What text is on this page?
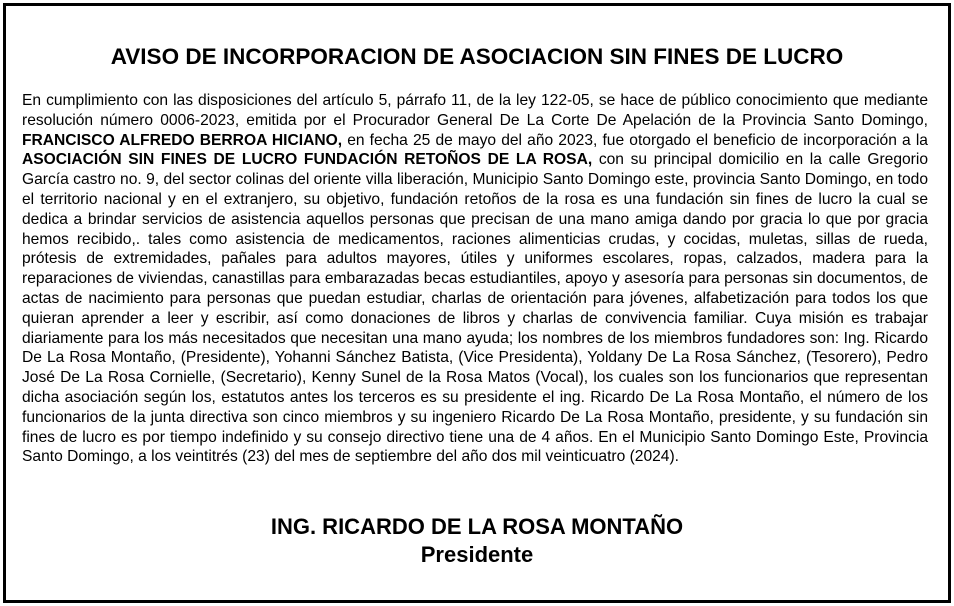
AVISO DE INCORPORACION DE ASOCIACION SIN FINES DE LUCRO
En cumplimiento con las disposiciones del artículo 5, párrafo 11, de la ley 122-05, se hace de público conocimiento que mediante resolución número 0006-2023, emitida por el Procurador General De La Corte De Apelación de la Provincia Santo Domingo, FRANCISCO ALFREDO BERROA HICIANO, en fecha 25 de mayo del año 2023, fue otorgado el beneficio de incorporación a la ASOCIACIÓN SIN FINES DE LUCRO FUNDACIÓN RETOÑOS DE LA ROSA, con su principal domicilio en la calle Gregorio García castro no. 9, del sector colinas del oriente villa liberación, Municipio Santo Domingo este, provincia Santo Domingo, en todo el territorio nacional y en el extranjero, su objetivo, fundación retoños de la rosa es una fundación sin fines de lucro la cual se dedica a brindar servicios de asistencia aquellos personas que precisan de una mano amiga dando por gracia lo que por gracia hemos recibido,. tales como asistencia de medicamentos, raciones alimenticias crudas, y cocidas, muletas, sillas de rueda, prótesis de extremidades, pañales para adultos mayores, útiles y uniformes escolares, ropas, calzados, madera para la reparaciones de viviendas, canastillas para embarazadas becas estudiantiles, apoyo y asesoría para personas sin documentos, de actas de nacimiento para personas que puedan estudiar, charlas de orientación para jóvenes, alfabetización para todos los que quieran aprender a leer y escribir, así como donaciones de libros y charlas de convivencia familiar. Cuya misión es trabajar diariamente para los más necesitados que necesitan una mano ayuda; los nombres de los miembros fundadores son: Ing. Ricardo De La Rosa Montaño, (Presidente), Yohanni Sánchez Batista, (Vice Presidenta), Yoldany De La Rosa Sánchez, (Tesorero), Pedro José De La Rosa Cornielle, (Secretario), Kenny Sunel de la Rosa Matos (Vocal), los cuales son los funcionarios que representan dicha asociación según los, estatutos antes los terceros es su presidente el ing. Ricardo De La Rosa Montaño, el número de los funcionarios de la junta directiva son cinco miembros y su ingeniero Ricardo De La Rosa Montaño, presidente, y su fundación sin fines de lucro es por tiempo indefinido y su consejo directivo tiene una de 4 años. En el Municipio Santo Domingo Este, Provincia Santo Domingo, a los veintitrés (23) del mes de septiembre del año dos mil veinticuatro (2024).
ING. RICARDO DE LA ROSA MONTAÑO
Presidente
